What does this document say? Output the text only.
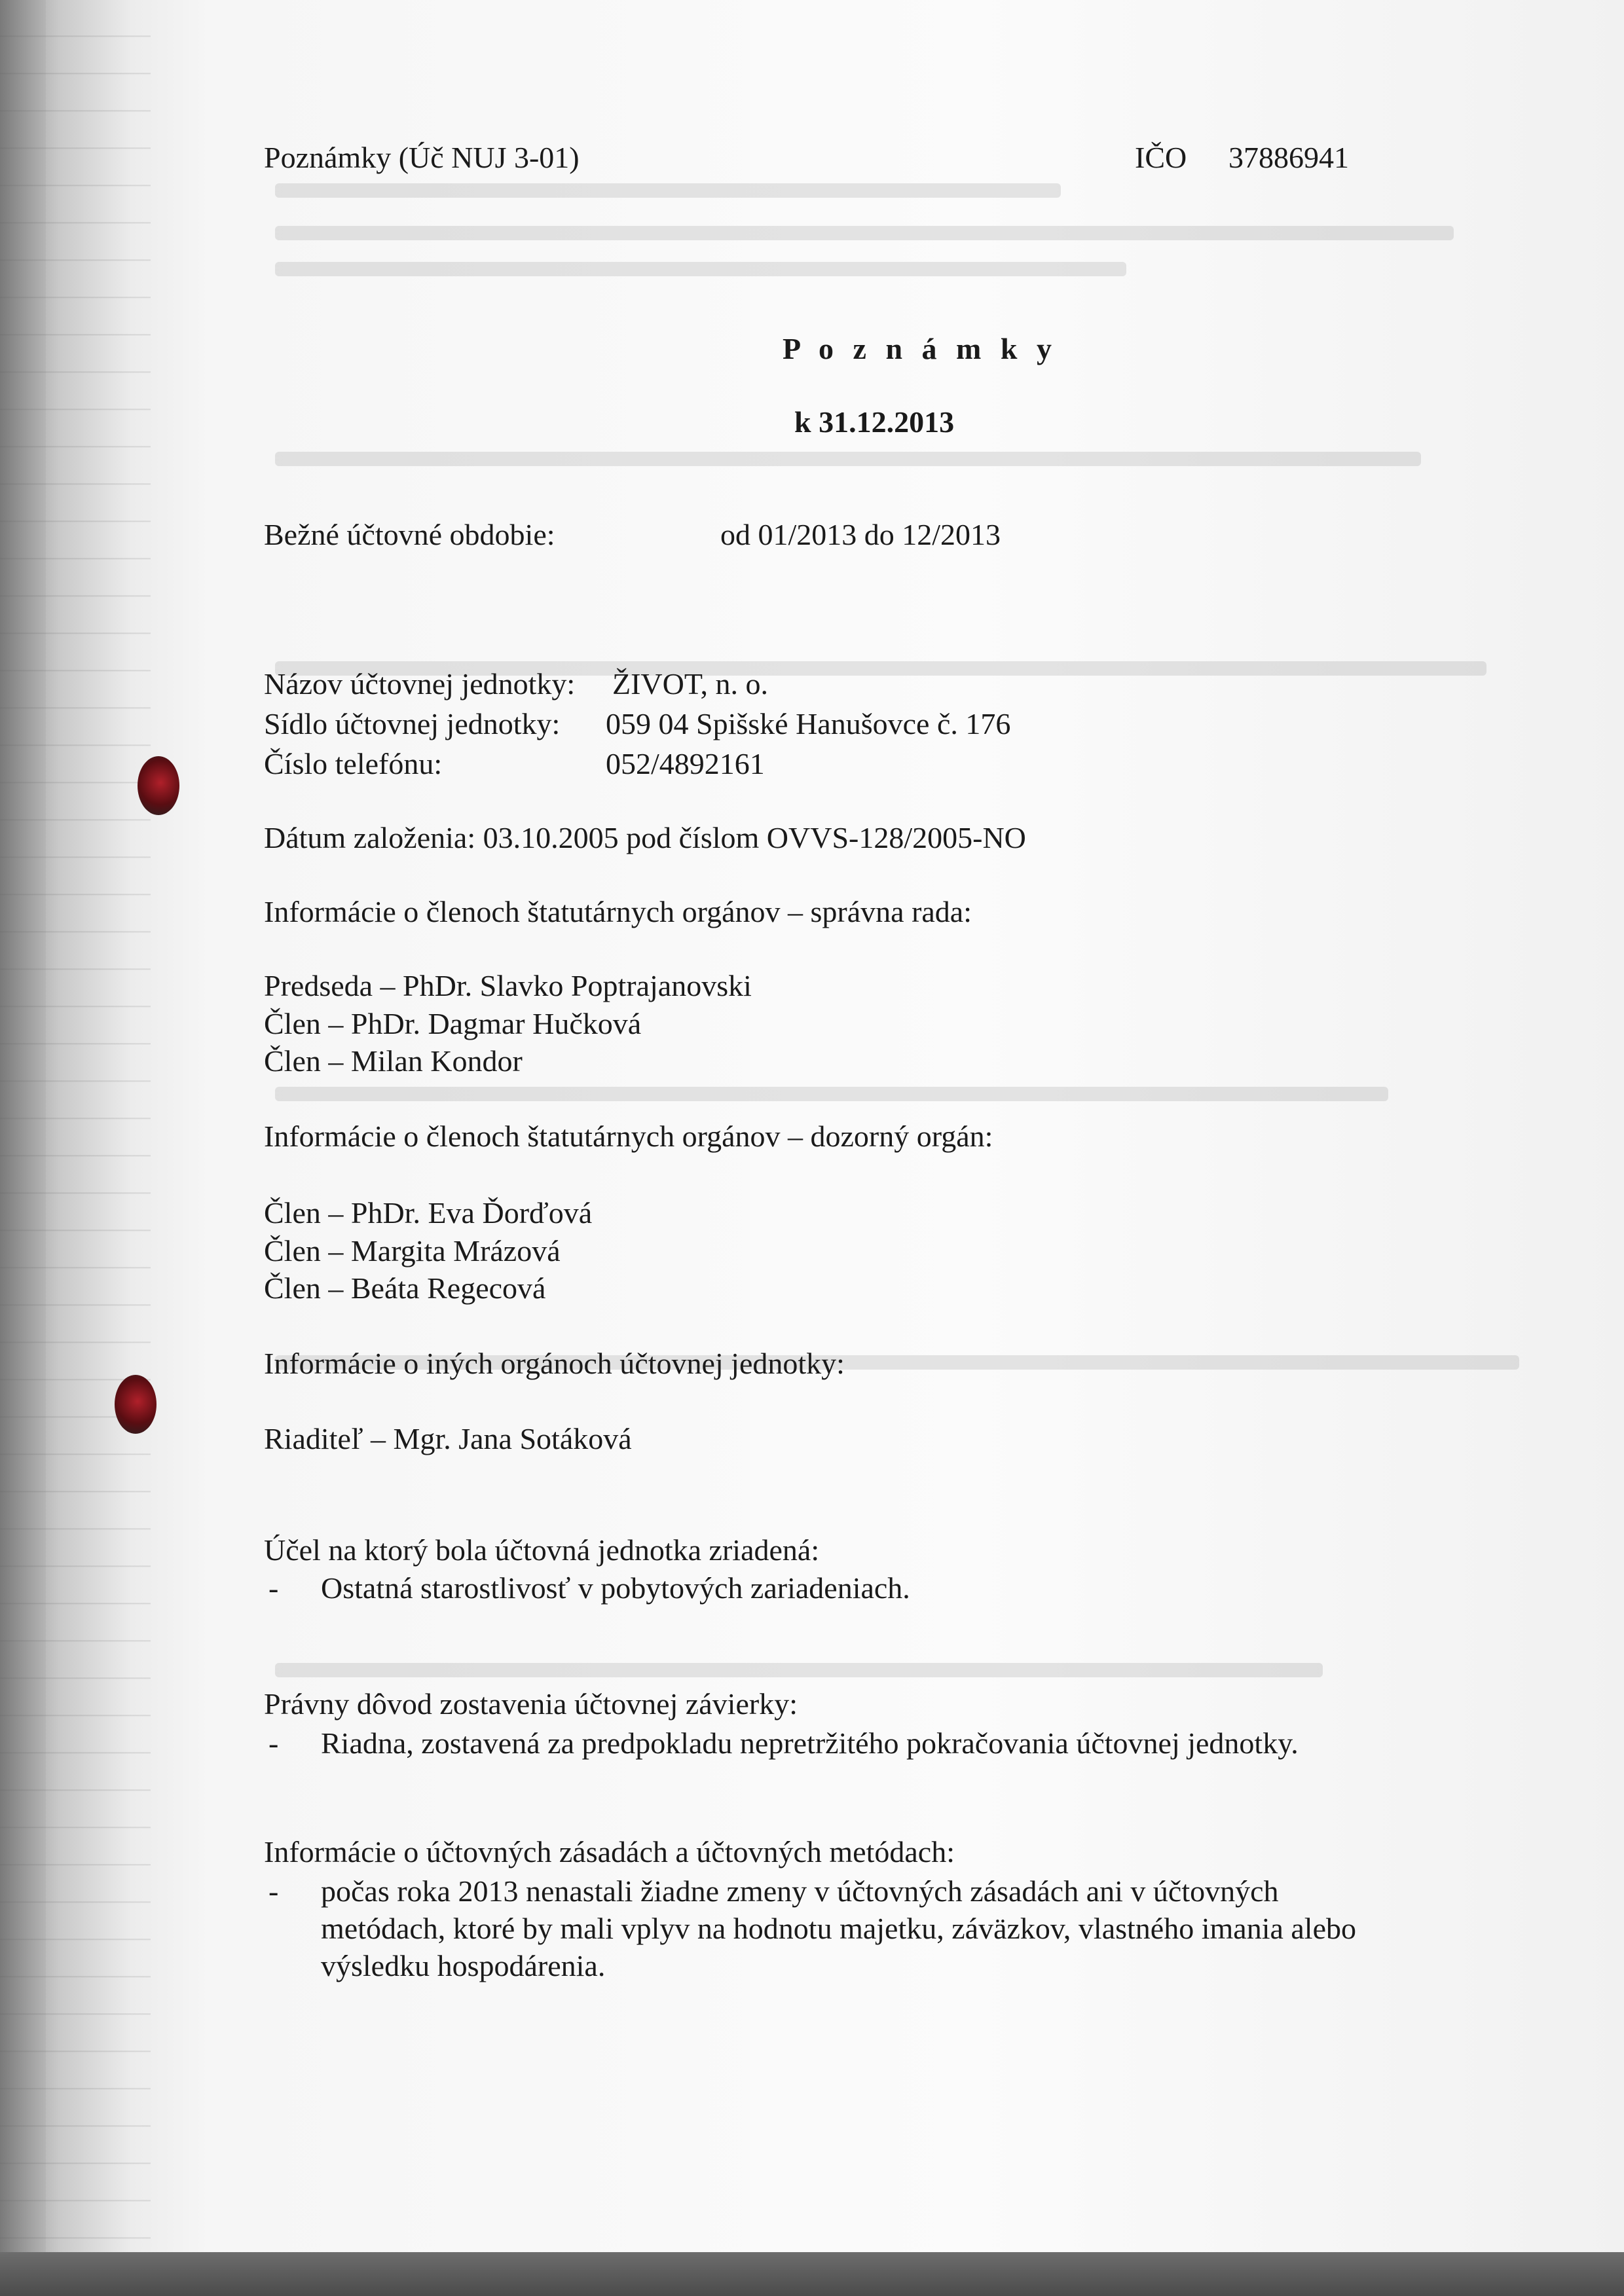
Poznámky (Úč NUJ 3-01)	IČO 37886941
P o z n á m k y
k 31.12.2013
Bežné účtovné obdobie:	od 01/2013 do 12/2013
Názov účtovnej jednotky: ŽIVOT, n. o.
Sídlo účtovnej jednotky: 059 04 Spišské Hanušovce č. 176
Číslo telefónu:	052/4892161
Dátum založenia: 03.10.2005 pod číslom OVVS-128/2005-NO
Informácie o členoch štatutárnych orgánov – správna rada:
Predseda – PhDr. Slavko Poptrajanovski
Člen – PhDr. Dagmar Hučková
Člen – Milan Kondor
Informácie o členoch štatutárnych orgánov – dozorný orgán:
Člen – PhDr. Eva Ďorďová
Člen – Margita Mrázová
Člen – Beáta Regecová
Informácie o iných orgánoch účtovnej jednotky:
Riaditeľ – Mgr. Jana Sotáková
Účel na ktorý bola účtovná jednotka zriadená:
- Ostatná starostlivosť v pobytových zariadeniach.
Právny dôvod zostavenia účtovnej závierky:
- Riadna, zostavená za predpokladu nepretržitého pokračovania účtovnej jednotky.
Informácie o účtovných zásadách a účtovných metódach:
- počas roka 2013 nenastali žiadne zmeny v účtovných zásadách ani v účtovných
metódach, ktoré by mali vplyv na hodnotu majetku, záväzkov, vlastného imania alebo
výsledku hospodárenia.
